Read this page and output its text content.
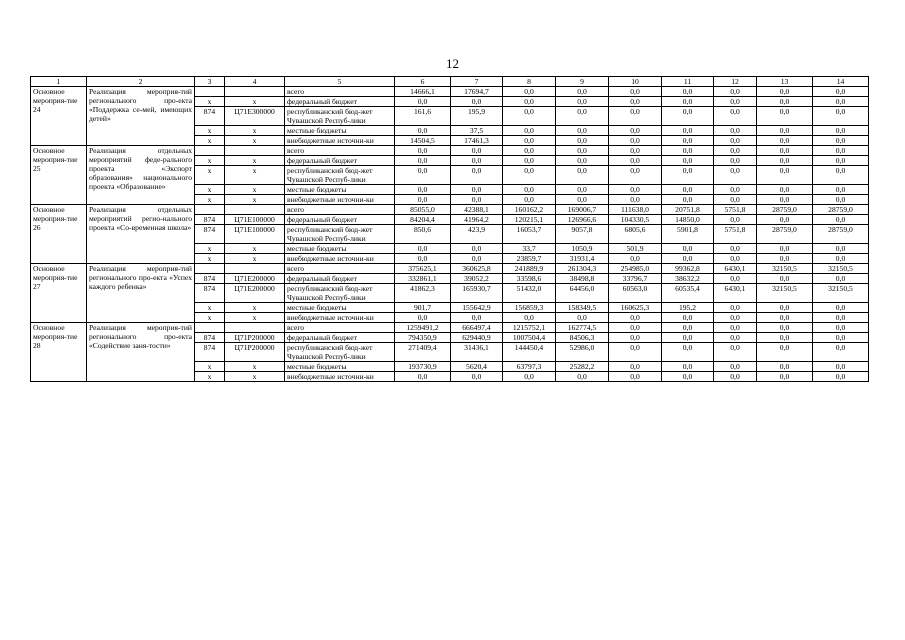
12
1	2	3	4	5	6	7	8	9	10	11	12	13	14
Основное мероприя-тие 24	Реализация мероприя-тий регионального про-екта «Поддержка се-мей, имеющих детей»			всего	14666,1	17694,7	0,0	0,0	0,0	0,0	0,0	0,0	0,0
		х	х	федеральный бюджет	0,0	0,0	0,0	0,0	0,0	0,0	0,0	0,0	0,0
		874	Ц71Е300000	республиканский бюд-жет Чувашской Респуб-лики	161,6	195,9	0,0	0,0	0,0	0,0	0,0	0,0	0,0
		х	х	местные бюджеты	0,0	37,5	0,0	0,0	0,0	0,0	0,0	0,0	0,0
		х	х	внебюджетные источни-ки	14504,5	17461,3	0,0	0,0	0,0	0,0	0,0	0,0	0,0
Основное мероприя-тие 25	Реализация отдельных мероприятий феде-рального проекта «Экспорт образования» национального проекта «Образование»			всего	0,0	0,0	0,0	0,0	0,0	0,0	0,0	0,0	0,0
		х	х	федеральный бюджет	0,0	0,0	0,0	0,0	0,0	0,0	0,0	0,0	0,0
		х	х	республиканский бюд-жет Чувашской Респуб-лики	0,0	0,0	0,0	0,0	0,0	0,0	0,0	0,0	0,0
		х	х	местные бюджеты	0,0	0,0	0,0	0,0	0,0	0,0	0,0	0,0	0,0
		х	х	внебюджетные источни-ки	0,0	0,0	0,0	0,0	0,0	0,0	0,0	0,0	0,0
Основное мероприя-тие 26	Реализация отдельных мероприятий регио-нального проекта «Со-временная школа»			всего	85055,0	42388,1	160162,2	169006,7	111638,0	20751,8	5751,8	28759,0	28759,0
		874	Ц71Е100000	федеральный бюджет	84204,4	41964,2	120215,1	126966,6	104330,5	14850,0	0,0	0,0	0,0
		874	Ц71Е100000	республиканский бюд-жет Чувашской Респуб-лики	850,6	423,9	16053,7	9057,8	6805,6	5901,8	5751,8	28759,0	28759,0
		х	х	местные бюджеты	0,0	0,0	33,7	1050,9	501,9	0,0	0,0	0,0	0,0
		х	х	внебюджетные источни-ки	0,0	0,0	23859,7	31931,4	0,0	0,0	0,0	0,0	0,0
Основное мероприя-тие 27	Реализация мероприя-тий регионального про-екта «Успех каждого ребенка»			всего	375625,1	360625,8	241889,9	261304,3	254985,0	99362,8	6430,1	32150,5	32150,5
		874	Ц71Е200000	федеральный бюджет	332861,1	39052,2	33598,6	38498,8	33796,7	38632,2	0,0	0,0	0,0
		874	Ц71Е200000	республиканский бюд-жет Чувашской Респуб-лики	41862,3	165930,7	51432,0	64456,0	60563,0	60535,4	6430,1	32150,5	32150,5
		х	х	местные бюджеты	901,7	155642,9	156859,3	158349,5	160625,3	195,2	0,0	0,0	0,0
		х	х	внебюджетные источни-ки	0,0	0,0	0,0	0,0	0,0	0,0	0,0	0,0	0,0
Основное мероприя-тие 28	Реализация мероприя-тий регионального про-екта «Содействие заня-тости»			всего	1259491,2	666497,4	1215752,1	162774,5	0,0	0,0	0,0	0,0	0,0
		874	Ц71Р200000	федеральный бюджет	794350,9	629440,9	1007504,4	84506,3	0,0	0,0	0,0	0,0	0,0
		874	Ц71Р200000	республиканский бюд-жет Чувашской Респуб-лики	271409,4	31436,1	144450,4	52986,0	0,0	0,0	0,0	0,0	0,0
		х	х	местные бюджеты	193730,9	5620,4	63797,3	25282,2	0,0	0,0	0,0	0,0	0,0
		х	х	внебюджетные источни-ки	0,0	0,0	0,0	0,0	0,0	0,0	0,0	0,0	0,0
